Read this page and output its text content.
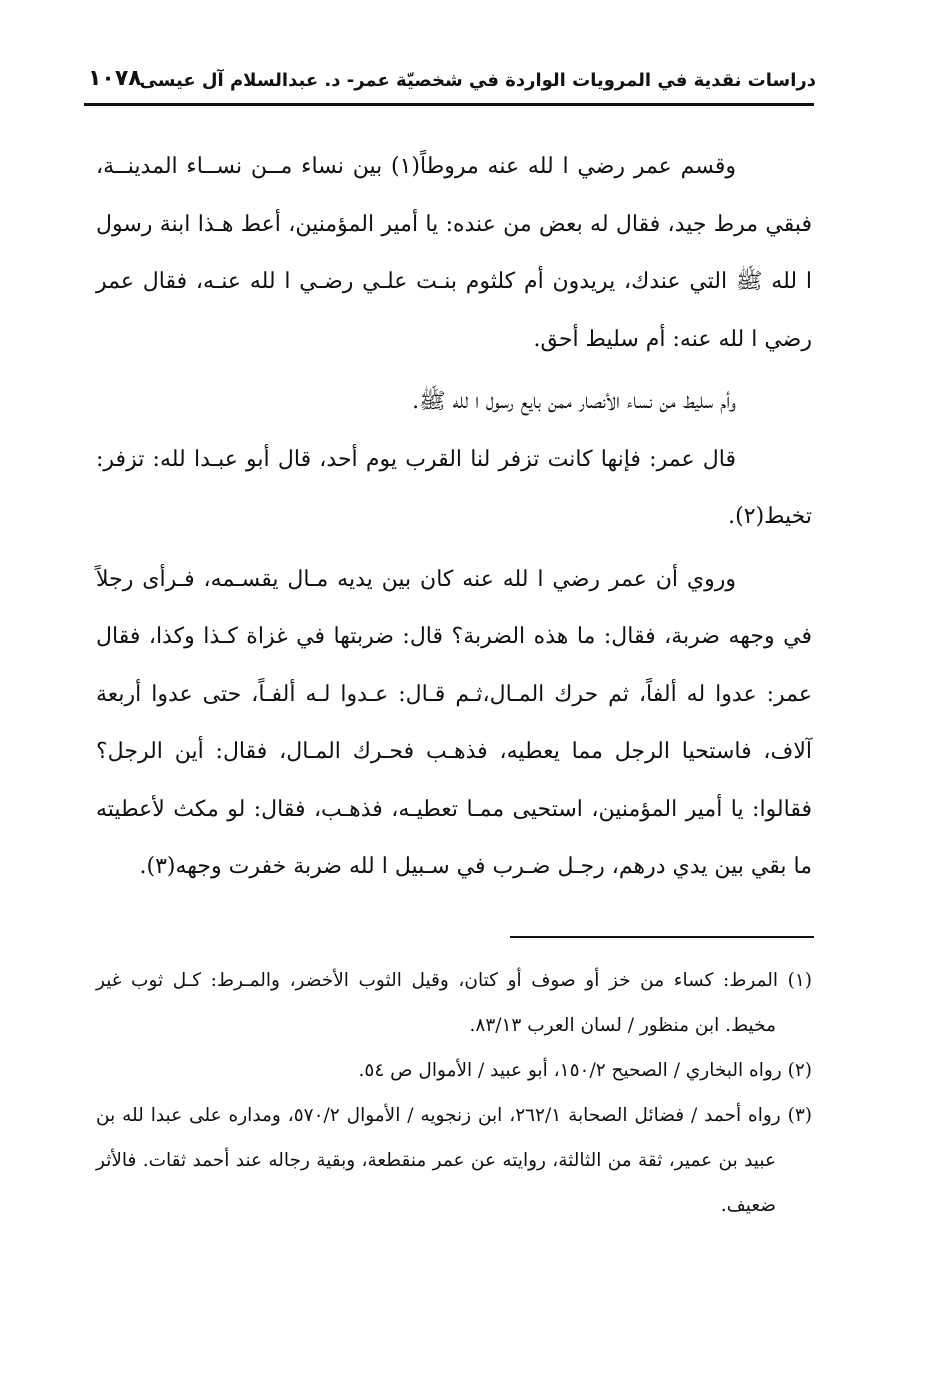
دراسات نقدية في المرويات الواردة في شخصيّة عمر- د. عبدالسلام آل عيسى
١٠٧٨

وقسم عمر رضي ا لله عنه مروطاً(١) بين نساء مــن نســاء المدينــة، فبقي مرط جيد، فقال له بعض من عنده: يا أمير المؤمنين، أعط هـذا ابنة رسول ا لله ﷺ التي عندك، يريدون أم كلثوم بنـت علـي رضـي ا لله عنـه، فقال عمر رضي ا لله عنه: أم سليط أحق.

وأم سليط من نساء الأنصار ممن بايع رسول ا لله ﷺ.

قال عمر: فإنها كانت تزفر لنا القرب يوم أحد، قال أبو عبـدا لله: تزفر: تخيط(٢).

وروي أن عمر رضي ا لله عنه كان بين يديه مـال يقسـمه، فـرأى رجلاً في وجهه ضربة، فقال: ما هذه الضربة؟ قال: ضربتها في غزاة كـذا وكذا، فقال عمر: عدوا له ألفاً، ثم حرك المـال،ثـم قـال: عـدوا لـه ألفـاً، حتى عدوا أربعة آلاف، فاستحيا الرجل مما يعطيه، فذهـب فحـرك المـال، فقال: أين الرجل؟ فقالوا: يا أمير المؤمنين، استحيى ممـا تعطيـه، فذهـب، فقال: لو مكث لأعطيته ما بقي بين يدي درهم، رجـل ضـرب في سـبيل ا لله ضربة خفرت وجهه(٣).

(١) المرط: كساء من خز أو صوف أو كتان، وقيل الثوب الأخضر، والمـرط: كـل ثوب غير مخيط. ابن منظور / لسان العرب ٨٣/١٣.

(٢) رواه البخاري / الصحيح ١٥٠/٢، أبو عبيد / الأموال ص ٥٤.

(٣) رواه أحمد / فضائل الصحابة ٢٦٢/١، ابن زنجويه / الأموال ٥٧٠/٢، ومداره على عبدا لله بن عبيد بن عمير، ثقة من الثالثة، روايته عن عمر منقطعة، وبقية رجاله عند أحمد ثقات. فالأثر ضعيف.
